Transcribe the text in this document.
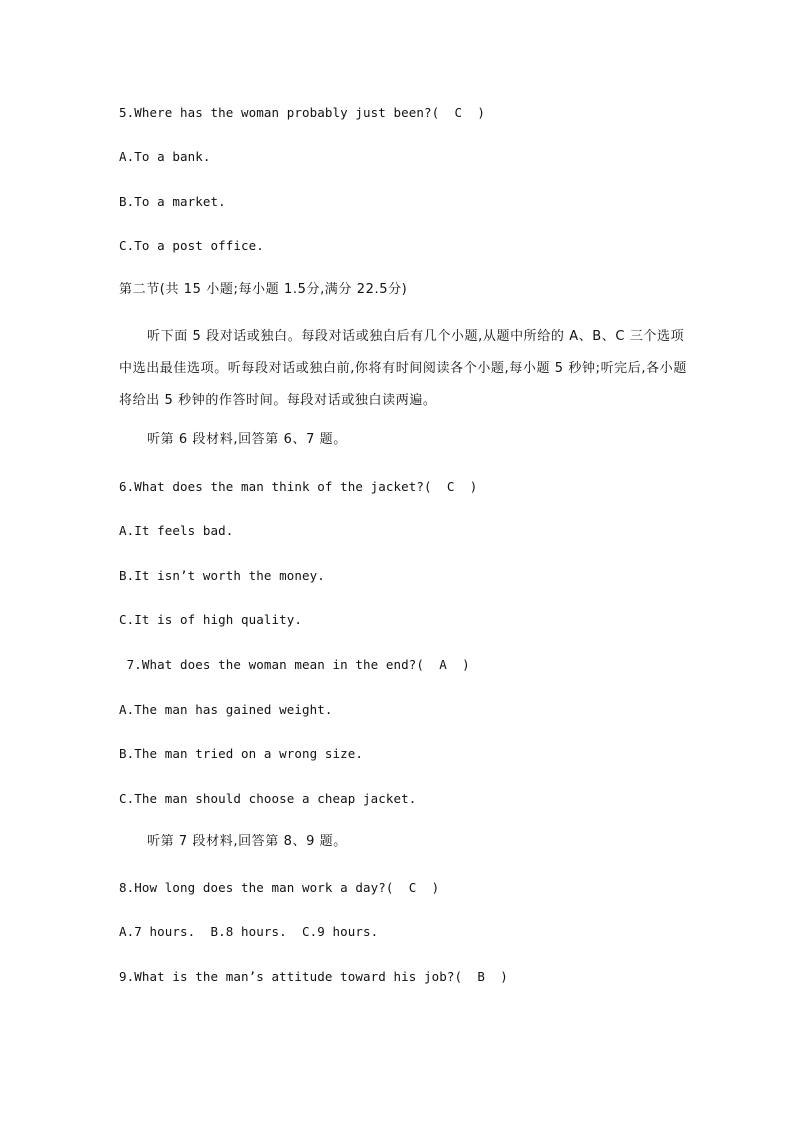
5.Where has the woman probably just been?(  C  )
A.To a bank.
B.To a market.
C.To a post office.
第二节(共 15 小题;每小题 1.5分,满分 22.5分)
听下面 5 段对话或独白。每段对话或独白后有几个小题,从题中所给的 A、B、C 三个选项中选出最佳选项。听每段对话或独白前,你将有时间阅读各个小题,每小题 5 秒钟;听完后,各小题将给出 5 秒钟的作答时间。每段对话或独白读两遍。
听第 6 段材料,回答第 6、7 题。
6.What does the man think of the jacket?(  C  )
A.It feels bad.
B.It isn’t worth the money.
C.It is of high quality.
7.What does the woman mean in the end?(  A  )
A.The man has gained weight.
B.The man tried on a wrong size.
C.The man should choose a cheap jacket.
听第 7 段材料,回答第 8、9 题。
8.How long does the man work a day?(  C  )
A.7 hours.  B.8 hours.  C.9 hours.
9.What is the man’s attitude toward his job?(  B  )
